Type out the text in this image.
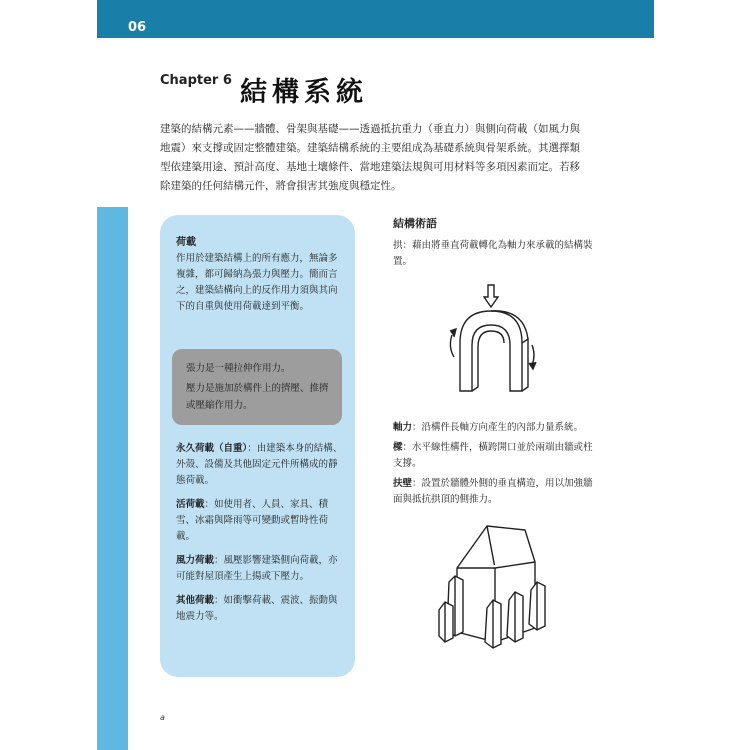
06
Chapter 6 結構系統
建築的結構元素——牆體、骨架與基礎——透過抵抗重力（垂直力）與側向荷載（如風力與地震）來支撐或固定整體建築。建築結構系統的主要組成為基礎系統與骨架系統。其選擇類型依建築用途、預計高度、基地土壤條件、當地建築法規與可用材料等多項因素而定。若移除建築的任何結構元件，將會損害其強度與穩定性。
荷載
作用於建築結構上的所有應力，無論多複雜，都可歸納為張力與壓力。簡而言之，建築結構向上的反作用力須與其向下的自重與使用荷載達到平衡。
張力是一種拉伸作用力。
壓力是施加於構件上的擠壓、推擠或壓縮作用力。
永久荷載（自重）：由建築本身的結構、外殼、設備及其他固定元件所構成的靜態荷載。
活荷載：如使用者、人員、家具、積雪、冰霜與降雨等可變動或暫時性荷載。
風力荷載：風壓影響建築側向荷載，亦可能對屋頂產生上揚或下壓力。
其他荷載：如衝擊荷載、震波、振動與地震力等。
結構術語
拱：藉由將垂直荷載轉化為軸力來承載的結構裝置。
軸力：沿構件長軸方向產生的內部力量系統。
樑：水平線性構件，橫跨開口並於兩端由牆或柱支撐。
扶壁：設置於牆體外側的垂直構造，用以加強牆面與抵抗拱頂的側推力。
a
